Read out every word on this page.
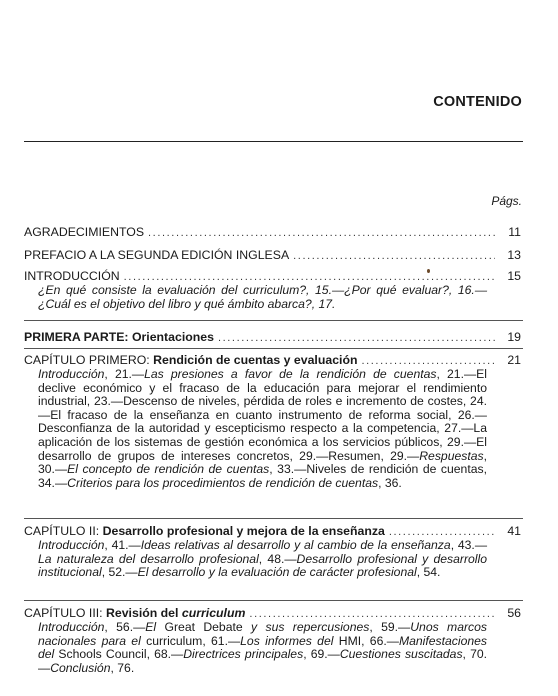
CONTENIDO
Págs.
AGRADECIMIENTOS .....	11
PREFACIO A LA SEGUNDA EDICIÓN INGLESA .....	13
INTRODUCCIÓN .....	15
¿En qué consiste la evaluación del curriculum?, 15.—¿Por qué evaluar?, 16.—¿Cuál es el objetivo del libro y qué ámbito abarca?, 17.
PRIMERA PARTE: Orientaciones .....	19
CAPÍTULO PRIMERO: Rendición de cuentas y evaluación .....	21
Introducción, 21.—Las presiones a favor de la rendición de cuentas, 21.—El declive económico y el fracaso de la educación para mejorar el rendimiento industrial, 23.—Descenso de niveles, pérdida de roles e incremento de costes, 24.—El fracaso de la enseñanza en cuanto instrumento de reforma social, 26.—Desconfianza de la autoridad y escepticismo respecto a la competencia, 27.—La aplicación de los sistemas de gestión económica a los servicios públicos, 29.—El desarrollo de grupos de intereses concretos, 29.—Resumen, 29.—Respuestas, 30.—El concepto de rendición de cuentas, 33.—Niveles de rendición de cuentas, 34.—Criterios para los procedimientos de rendición de cuentas, 36.
CAPÍTULO II: Desarrollo profesional y mejora de la enseñanza .....	41
Introducción, 41.—Ideas relativas al desarrollo y al cambio de la enseñanza, 43.—La naturaleza del desarrollo profesional, 48.—Desarrollo profesional y desarrollo institucional, 52.—El desarrollo y la evaluación de carácter profesional, 54.
CAPÍTULO III: Revisión del curriculum .....	56
Introducción, 56.—El Great Debate y sus repercusiones, 59.—Unos marcos nacionales para el curriculum, 61.—Los informes del HMI, 66.—Manifestaciones del Schools Council, 68.—Directrices principales, 69.—Cuestiones suscitadas, 70.—Conclusión, 76.
